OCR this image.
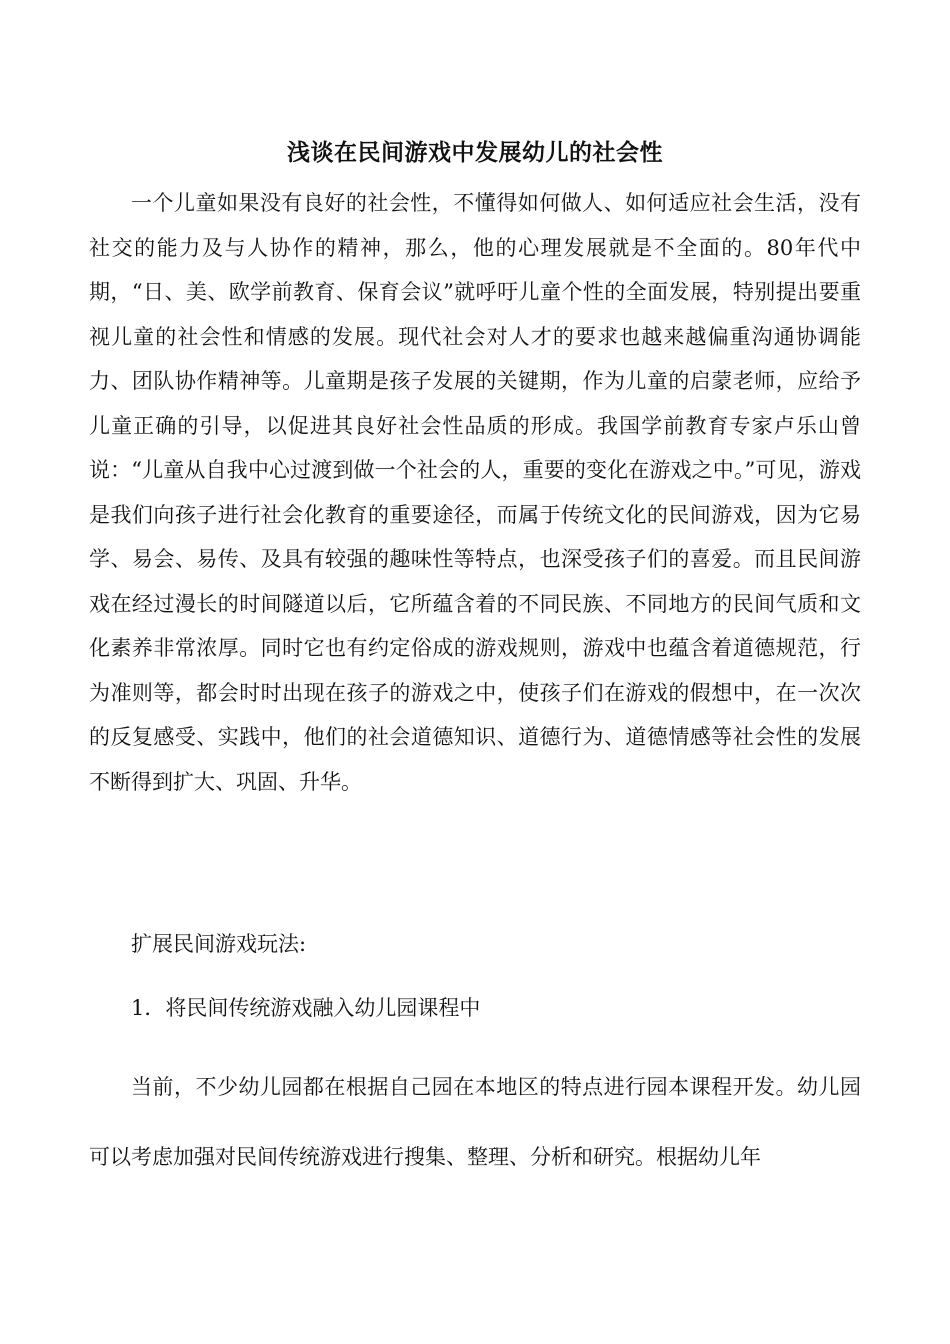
浅谈在民间游戏中发展幼儿的社会性

一个儿童如果没有良好的社会性，不懂得如何做人、如何适应社会生活，没有社交的能力及与人协作的精神，那么，他的心理发展就是不全面的。80年代中期，“日、美、欧学前教育、保育会议”就呼吁儿童个性的全面发展，特别提出要重视儿童的社会性和情感的发展。现代社会对人才的要求也越来越偏重沟通协调能力、团队协作精神等。儿童期是孩子发展的关键期，作为儿童的启蒙老师，应给予儿童正确的引导，以促进其良好社会性品质的形成。我国学前教育专家卢乐山曾说：“儿童从自我中心过渡到做一个社会的人，重要的变化在游戏之中。”可见，游戏是我们向孩子进行社会化教育的重要途径，而属于传统文化的民间游戏，因为它易学、易会、易传、及具有较强的趣味性等特点，也深受孩子们的喜爱。而且民间游戏在经过漫长的时间隧道以后，它所蕴含着的不同民族、不同地方的民间气质和文化素养非常浓厚。同时它也有约定俗成的游戏规则，游戏中也蕴含着道德规范，行为准则等，都会时时出现在孩子的游戏之中，使孩子们在游戏的假想中，在一次次的反复感受、实践中，他们的社会道德知识、道德行为、道德情感等社会性的发展不断得到扩大、巩固、升华。

扩展民间游戏玩法:

1．将民间传统游戏融入幼儿园课程中

当前，不少幼儿园都在根据自己园在本地区的特点进行园本课程开发。幼儿园可以考虑加强对民间传统游戏进行搜集、整理、分析和研究。根据幼儿年
